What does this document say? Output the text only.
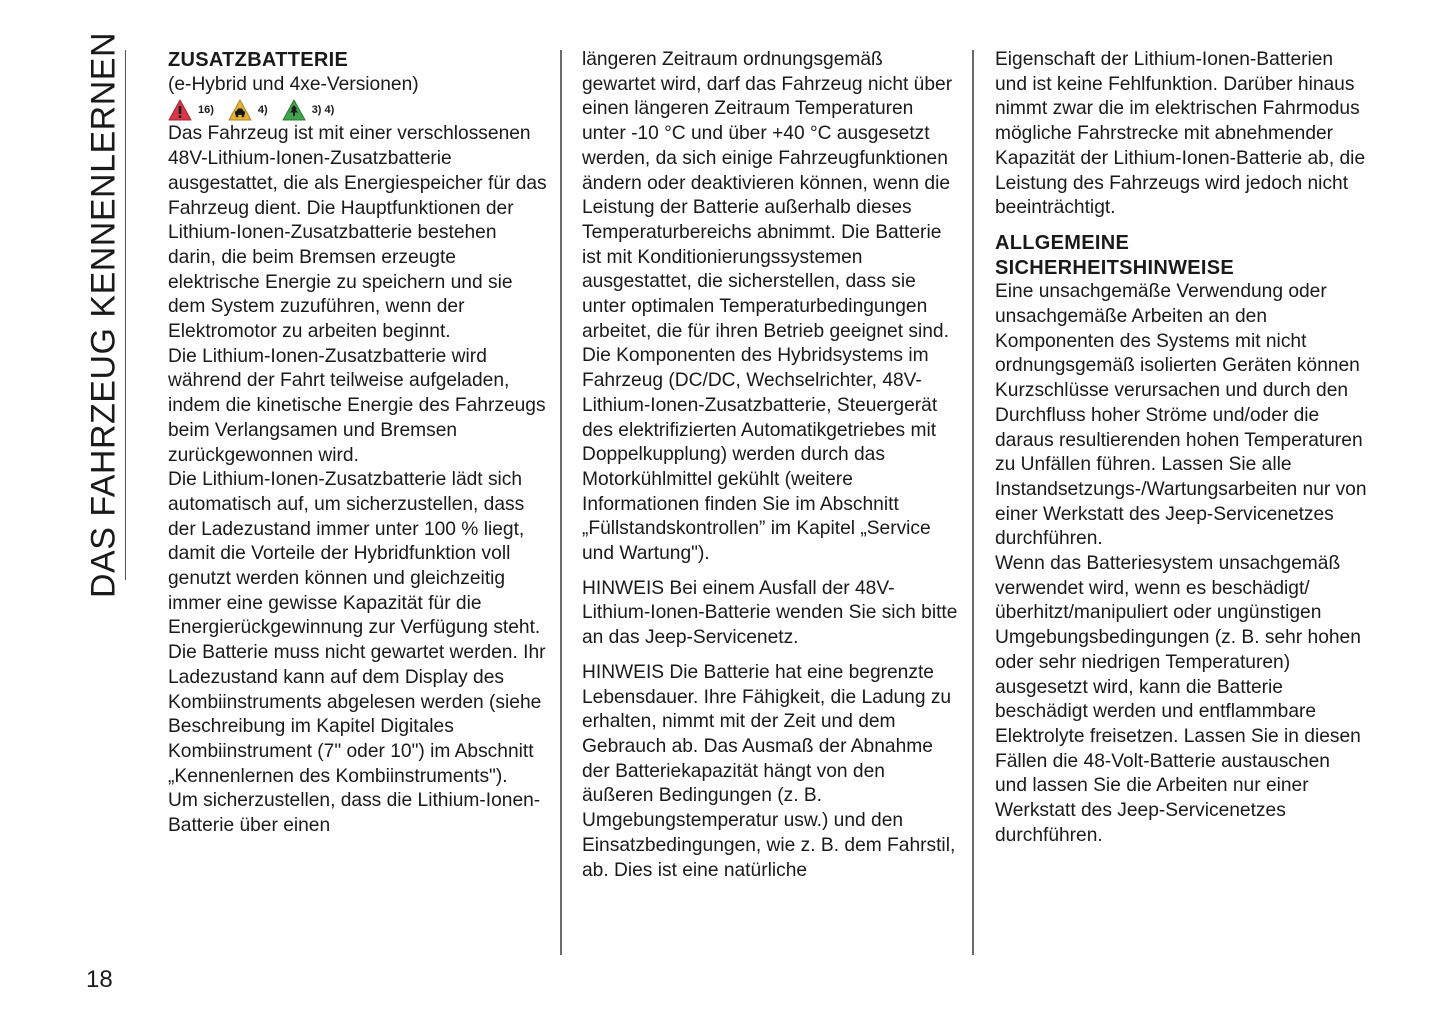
DAS FAHRZEUG KENNENLERNEN ZUSATZBATTERIE

(e-Hybrid und 4xe-Versionen)

16)	4)	3) 4)

Das Fahrzeug ist mit einer verschlossenen 48V-Lithium-Ionen-Zusatzbatterie ausgestattet, die als Energiespeicher für das Fahrzeug dient. Die Hauptfunktionen der Lithium-Ionen-Zusatzbatterie bestehen darin, die beim Bremsen erzeugte elektrische Energie zu speichern und sie dem System zuzuführen, wenn der Elektromotor zu arbeiten beginnt.

Die Lithium-Ionen-Zusatzbatterie wird während der Fahrt teilweise aufgeladen, indem die kinetische Energie des Fahrzeugs beim Verlangsamen und Bremsen zurückgewonnen wird.

Die Lithium-Ionen-Zusatzbatterie lädt sich automatisch auf, um sicherzustellen, dass der Ladezustand immer unter 100 % liegt, damit die Vorteile der Hybridfunktion voll genutzt werden können und gleichzeitig immer eine gewisse Kapazität für die Energierückgewinnung zur Verfügung steht.

Die Batterie muss nicht gewartet werden. Ihr Ladezustand kann auf dem Display des Kombiinstruments abgelesen werden (siehe Beschreibung im Kapitel Digitales Kombiinstrument (7" oder 10") im Abschnitt „Kennenlernen des Kombiinstruments").

Um sicherzustellen, dass die Lithium-Ionen-Batterie über einen

längeren Zeitraum ordnungsgemäß gewartet wird, darf das Fahrzeug nicht über einen längeren Zeitraum Temperaturen unter -10 °C und über +40 °C ausgesetzt werden, da sich einige Fahrzeugfunktionen ändern oder deaktivieren können, wenn die Leistung der Batterie außerhalb dieses Temperaturbereichs abnimmt. Die Batterie ist mit Konditionierungssystemen ausgestattet, die sicherstellen, dass sie unter optimalen Temperaturbedingungen arbeitet, die für ihren Betrieb geeignet sind.

Die Komponenten des Hybridsystems im Fahrzeug (DC/DC, Wechselrichter, 48V-Lithium-Ionen-Zusatzbatterie, Steuergerät des elektrifizierten Automatikgetriebes mit Doppelkupplung) werden durch das Motorkühlmittel gekühlt (weitere Informationen finden Sie im Abschnitt „Füllstandskontrollen” im Kapitel „Service und Wartung").

HINWEIS Bei einem Ausfall der 48V-Lithium-Ionen-Batterie wenden Sie sich bitte an das Jeep-Servicenetz.

HINWEIS Die Batterie hat eine begrenzte Lebensdauer. Ihre Fähigkeit, die Ladung zu erhalten, nimmt mit der Zeit und dem Gebrauch ab. Das Ausmaß der Abnahme der Batteriekapazität hängt von den äußeren Bedingungen (z. B. Umgebungstemperatur usw.) und den Einsatzbedingungen, wie z. B. dem Fahrstil, ab. Dies ist eine natürliche

Eigenschaft der Lithium-Ionen-Batterien und ist keine Fehlfunktion. Darüber hinaus nimmt zwar die im elektrischen Fahrmodus mögliche Fahrstrecke mit abnehmender Kapazität der Lithium-Ionen-Batterie ab, die Leistung des Fahrzeugs wird jedoch nicht beeinträchtigt.

ALLGEMEINE
SICHERHEITSHINWEISE

Eine unsachgemäße Verwendung oder unsachgemäße Arbeiten an den Komponenten des Systems mit nicht ordnungsgemäß isolierten Geräten können Kurzschlüsse verursachen und durch den Durchfluss hoher Ströme und/oder die daraus resultierenden hohen Temperaturen zu Unfällen führen. Lassen Sie alle Instandsetzungs-/Wartungsarbeiten nur von einer Werkstatt des Jeep-Servicenetzes durchführen.

Wenn das Batteriesystem unsachgemäß verwendet wird, wenn es beschädigt/überhitzt/manipuliert oder ungünstigen Umgebungsbedingungen (z. B. sehr hohen oder sehr niedrigen Temperaturen) ausgesetzt wird, kann die Batterie beschädigt werden und entflammbare Elektrolyte freisetzen. Lassen Sie in diesen Fällen die 48-Volt-Batterie austauschen und lassen Sie die Arbeiten nur einer Werkstatt des Jeep-Servicenetzes durchführen.

18
